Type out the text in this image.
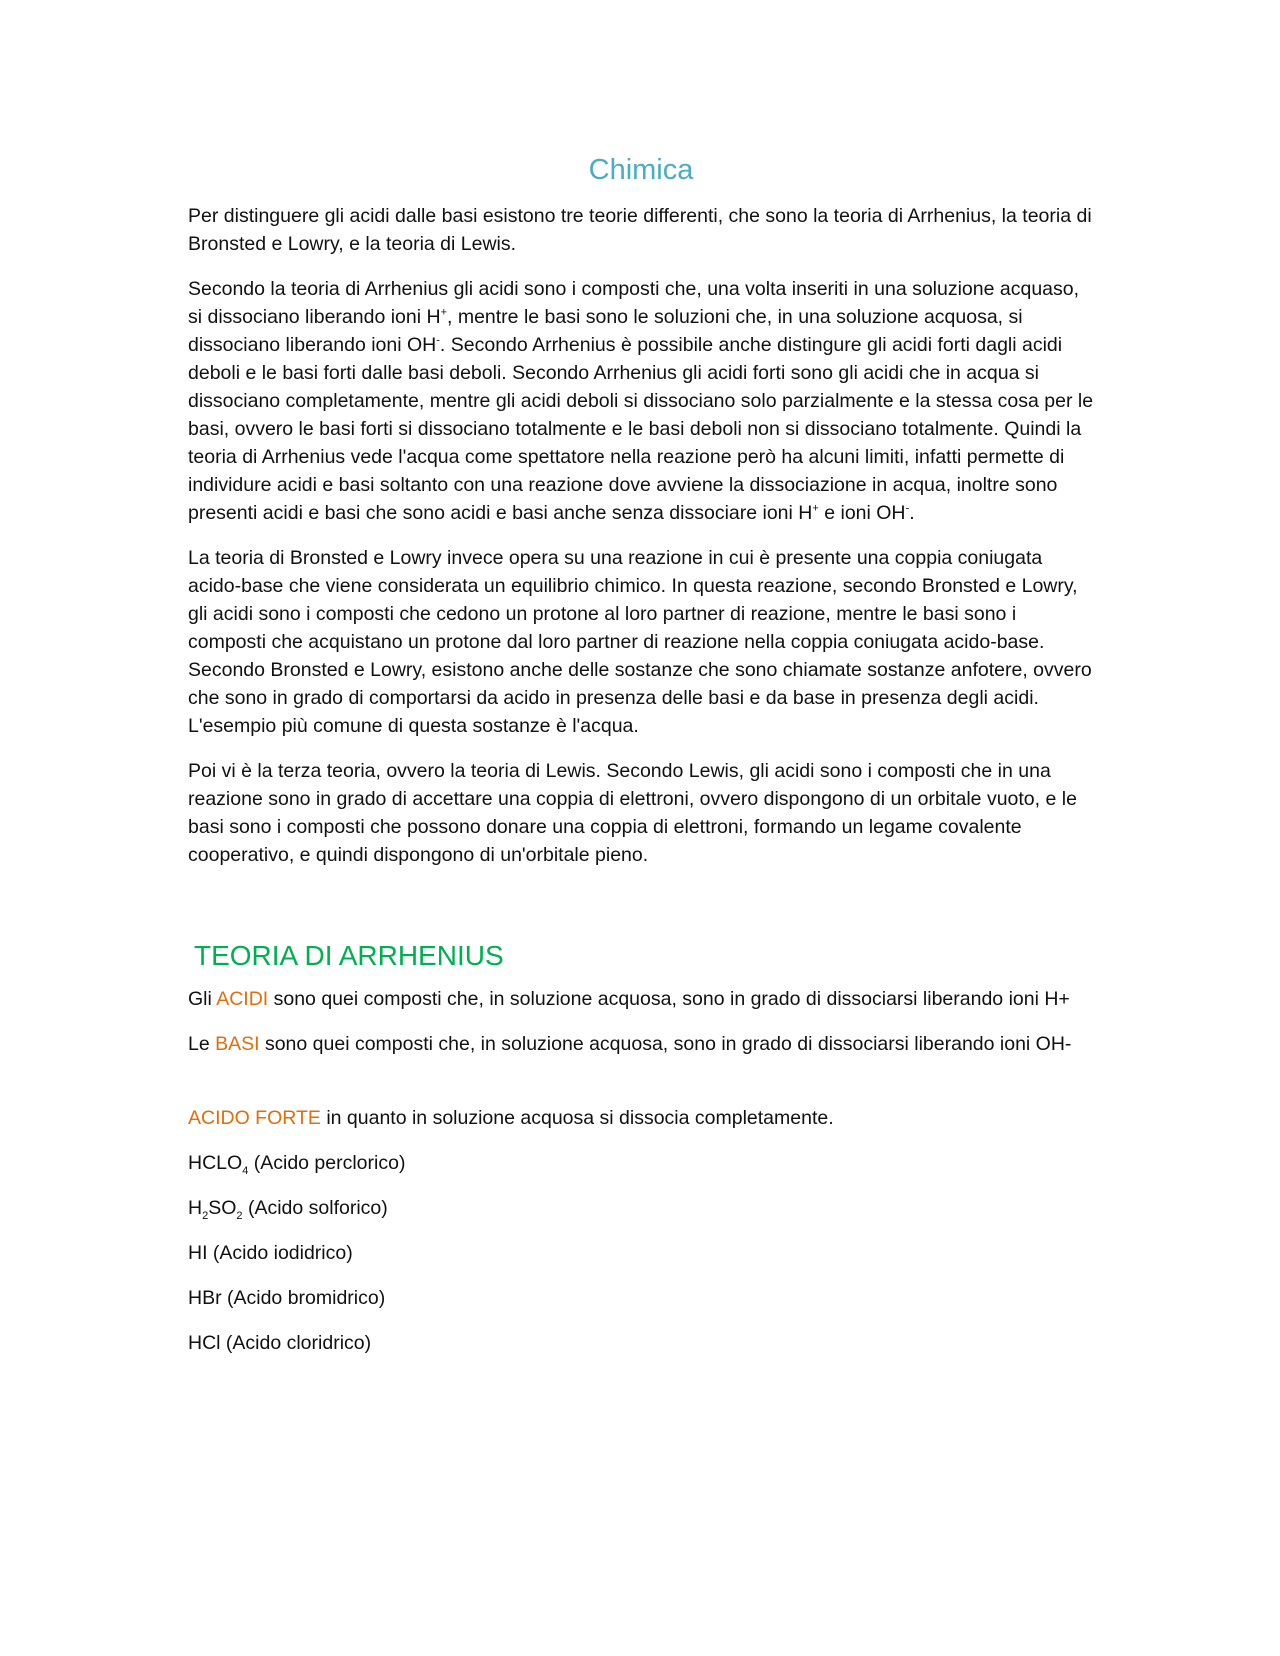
Chimica

Per distinguere gli acidi dalle basi esistono tre teorie differenti, che sono la teoria di Arrhenius, la teoria di Bronsted e Lowry, e la teoria di Lewis.

Secondo la teoria di Arrhenius gli acidi sono i composti che, una volta inseriti in una soluzione acquaso, si dissociano liberando ioni H+, mentre le basi sono le soluzioni che, in una soluzione acquosa, si dissociano liberando ioni OH-. Secondo Arrhenius è possibile anche distingure gli acidi forti dagli acidi deboli e le basi forti dalle basi deboli. Secondo Arrhenius gli acidi forti sono gli acidi che in acqua si dissociano completamente, mentre gli acidi deboli si dissociano solo parzialmente e la stessa cosa per le basi, ovvero le basi forti si dissociano totalmente e le basi deboli non si dissociano totalmente. Quindi la teoria di Arrhenius vede l'acqua come spettatore nella reazione però ha alcuni limiti, infatti permette di individure acidi e basi soltanto con una reazione dove avviene la dissociazione in acqua, inoltre sono presenti acidi e basi che sono acidi e basi anche senza dissociare ioni H+ e ioni OH-.

La teoria di Bronsted e Lowry invece opera su una reazione in cui è presente una coppia coniugata acido-base che viene considerata un equilibrio chimico. In questa reazione, secondo Bronsted e Lowry, gli acidi sono i composti che cedono un protone al loro partner di reazione, mentre le basi sono i composti che acquistano un protone dal loro partner di reazione nella coppia coniugata acido-base. Secondo Bronsted e Lowry, esistono anche delle sostanze che sono chiamate sostanze anfotere, ovvero che sono in grado di comportarsi da acido in presenza delle basi e da base in presenza degli acidi. L'esempio più comune di questa sostanze è l'acqua.

Poi vi è la terza teoria, ovvero la teoria di Lewis. Secondo Lewis, gli acidi sono i composti che in una reazione sono in grado di accettare una coppia di elettroni, ovvero dispongono di un orbitale vuoto, e le basi sono i composti che possono donare una coppia di elettroni, formando un legame covalente cooperativo, e quindi dispongono di un'orbitale pieno.

TEORIA DI ARRHENIUS

Gli ACIDI sono quei composti che, in soluzione acquosa, sono in grado di dissociarsi liberando ioni H+

Le BASI sono quei composti che, in soluzione acquosa, sono in grado di dissociarsi liberando ioni OH-

ACIDO FORTE in quanto in soluzione acquosa si dissocia completamente.

$HCLO_4$ (Acido perclorico)

$H_2SO_2$ (Acido solforico)

HI (Acido iodidrico)

HBr (Acido bromidrico)

HCl (Acido cloridrico)
